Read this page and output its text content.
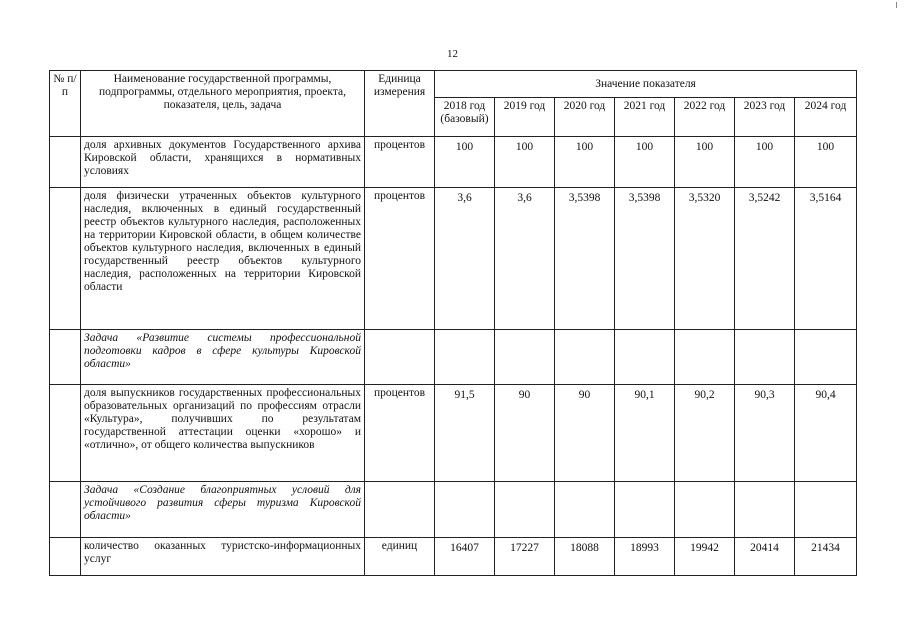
12
№ п/п	Наименование государственной программы, подпрограммы, отдельного мероприятия, проекта, показателя, цель, задача	Единица измерения	Значение показателя						
			2018 год (базовый)	2019 год	2020 год	2021 год	2022 год	2023 год	2024 год
	доля архивных документов Государственного архива Кировской области, хранящихся в нормативных условиях	процентов	100	100	100	100	100	100	100
	доля физически утраченных объектов культурного наследия, включенных в единый государственный реестр объектов культурного наследия, расположенных на территории Кировской области, в общем количестве объектов культурного наследия, включенных в единый государственный реестр объектов культурного наследия, расположенных на территории Кировской области	процентов	3,6	3,6	3,5398	3,5398	3,5320	3,5242	3,5164
	Задача «Развитие системы профессиональной подготовки кадров в сфере культуры Кировской области»								
	доля выпускников государственных профессиональных образовательных организаций по профессиям отрасли «Культура», получивших по результатам государственной аттестации оценки «хорошо» и «отлично», от общего количества выпускников	процентов	91,5	90	90	90,1	90,2	90,3	90,4
	Задача «Создание благоприятных условий для устойчивого развития сферы туризма Кировской области»								
	количество оказанных туристско-информационных услуг	единиц	16407	17227	18088	18993	19942	20414	21434
